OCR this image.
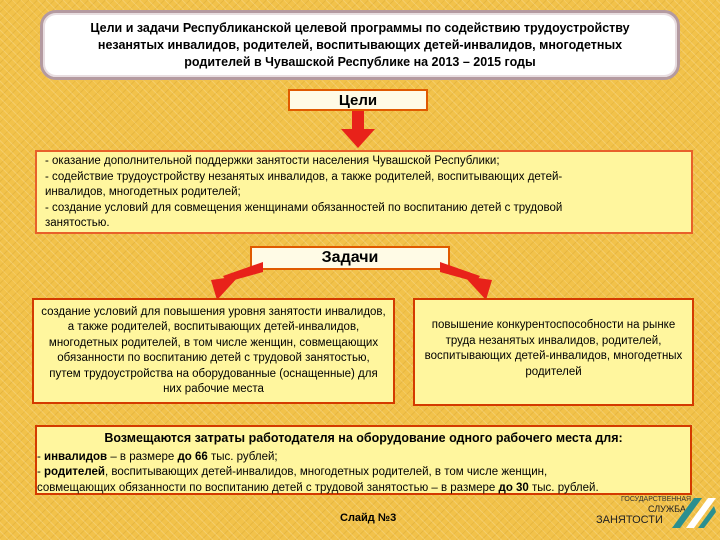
Цели и задачи Республиканской целевой программы по содействию трудоустройству
незанятых инвалидов, родителей, воспитывающих детей-инвалидов, многодетных
родителей в Чувашской Республике на 2013 – 2015 годы
Цели
- оказание дополнительной поддержки занятости населения Чувашской Республики;
- содействие трудоустройству незанятых инвалидов, а также родителей, воспитывающих детей-
инвалидов, многодетных родителей;
- создание условий для совмещения женщинами обязанностей по воспитанию детей с трудовой
занятостью.
Задачи
создание условий для повышения уровня занятости инвалидов, а также родителей, воспитывающих детей-инвалидов, многодетных родителей, в том числе женщин, совмещающих обязанности по воспитанию детей с трудовой занятостью, путем трудоустройства на оборудованные (оснащенные) для них рабочие места
повышение конкурентоспособности на рынке труда незанятых инвалидов, родителей, воспитывающих детей-инвалидов, многодетных родителей
Возмещаются затраты работодателя на оборудование одного рабочего места для:
- инвалидов – в размере до 66 тыс. рублей;
- родителей, воспитывающих детей-инвалидов, многодетных родителей, в том числе женщин,
совмещающих обязанности по воспитанию детей с трудовой занятостью – в размере до 30 тыс. рублей.
Слайд №3
ГОСУДАРСТВЕННАЯ
СЛУЖБА
ЗАНЯТОСТИ
